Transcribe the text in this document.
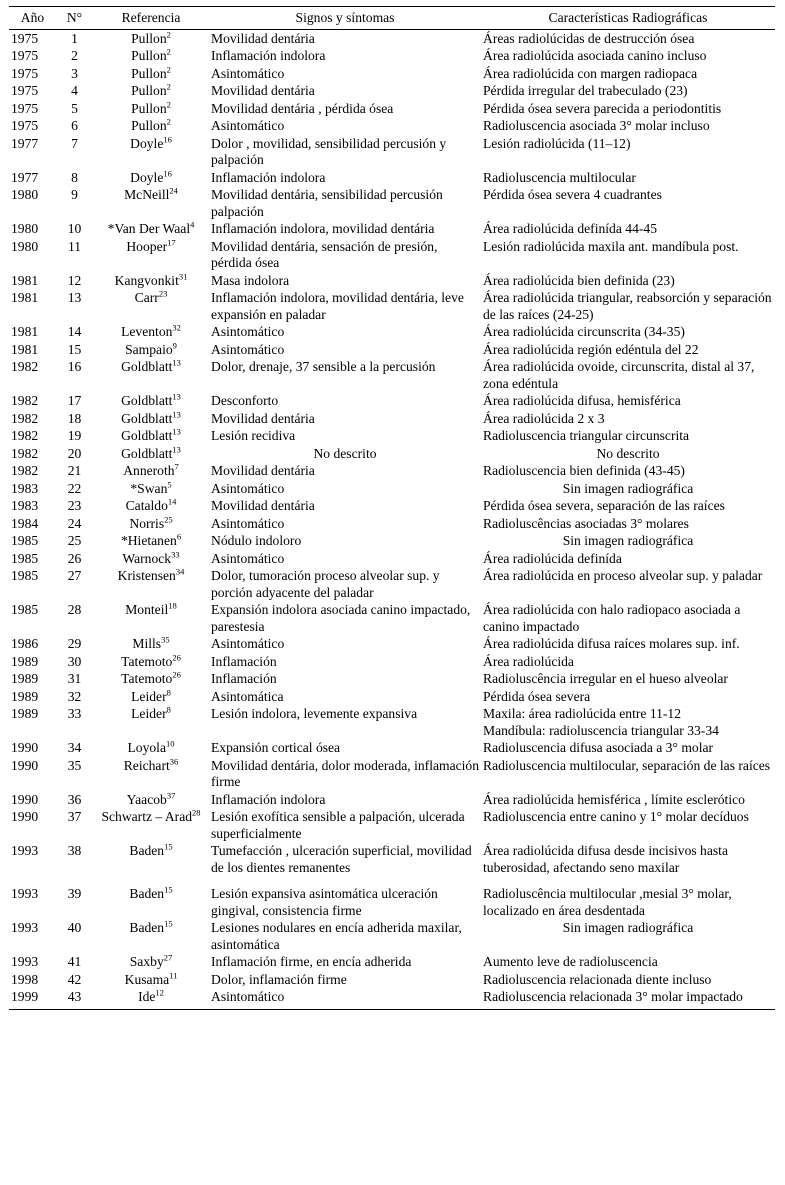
Año	N°	Referencia	Signos y síntomas	Características Radiográficas
1975	1	Pullon$^2$	Movilidad dentária	Áreas radiolúcidas de destrucción ósea
1975	2	Pullon$^2$	Inflamación indolora	Área radiolúcida asociada canino incluso
1975	3	Pullon$^2$	Asintomático	Área radiolúcida con margen radiopaca
1975	4	Pullon$^2$	Movilidad dentária	Pérdida irregular del trabeculado (23)
1975	5	Pullon$^2$	Movilidad dentária , pérdida ósea	Pérdida ósea severa parecida a periodontitis
1975	6	Pullon$^2$	Asintomático	Radioluscencia asociada 3° molar incluso
1977	7	Doyle$^{16}$	Dolor , movilidad, sensibilidad percusión y palpación	Lesión radiolúcida (11–12)
1977	8	Doyle$^{16}$	Inflamación indolora	Radioluscencia multilocular
1980	9	McNeill$^{24}$	Movilidad dentária, sensibilidad percusión palpación	Pérdida ósea severa 4 cuadrantes
1980	10	*Van Der Waal$^4$	Inflamación indolora, movilidad dentária	Área radiolúcida definída 44-45
1980	11	Hooper$^{17}$	Movilidad dentária, sensación de presión, pérdida ósea	Lesión radiolúcida maxila ant. mandíbula post.
1981	12	Kangvonkit$^{31}$	Masa indolora	Área radiolúcida bien definida (23)
1981	13	Carr$^{23}$	Inflamación indolora, movilidad dentária, leve expansión en paladar	Área radiolúcida triangular, reabsorción y separación de las raíces (24-25)
1981	14	Leventon$^{32}$	Asintomático	Área radiolúcida circunscrita (34-35)
1981	15	Sampaio$^9$	Asintomático	Área radiolúcida región edéntula del 22
1982	16	Goldblatt$^{13}$	Dolor, drenaje, 37 sensible a la percusión	Área radiolúcida ovoide, circunscrita, distal al 37, zona edéntula
1982	17	Goldblatt$^{13}$	Desconforto	Área radiolúcida difusa, hemisférica
1982	18	Goldblatt$^{13}$	Movilidad dentária	Área radiolúcida 2 x 3
1982	19	Goldblatt$^{13}$	Lesión recidiva	Radioluscencia triangular circunscrita
1982	20	Goldblatt$^{13}$	No descrito	No descrito
1982	21	Anneroth$^7$	Movilidad dentária	Radioluscencia bien definida (43-45)
1983	22	*Swan$^5$	Asintomático	Sin imagen radiográfica
1983	23	Cataldo$^{14}$	Movilidad dentária	Pérdida ósea severa, separación de las raíces
1984	24	Norris$^{25}$	Asintomático	Radioluscências asociadas 3° molares
1985	25	*Hietanen$^6$	Nódulo indoloro	Sin imagen radiográfica
1985	26	Warnock$^{33}$	Asintomático	Área radiolúcida definída
1985	27	Kristensen$^{34}$	Dolor, tumoración proceso alveolar sup. y porción adyacente del paladar	Área radiolúcida en proceso alveolar sup. y paladar
1985	28	Monteil$^{18}$	Expansión indolora asociada canino impactado, parestesia	Área radiolúcida con halo radiopaco asociada a canino impactado
1986	29	Mills$^{35}$	Asintomático	Área radiolúcida difusa raíces molares sup. inf.
1989	30	Tatemoto$^{26}$	Inflamación	Área radiolúcida
1989	31	Tatemoto$^{26}$	Inflamación	Radioluscência irregular en el hueso alveolar
1989	32	Leider$^8$	Asintomática	Pérdida ósea severa
1989	33	Leider$^8$	Lesión indolora, levemente expansiva	Maxila: área radiolúcida entre 11-12
Mandíbula: radioluscencia triangular 33-34

1990	34	Loyola$^{10}$	Expansión cortical ósea	Radioluscencia difusa asociada a 3° molar
1990	35	Reichart$^{36}$	Movilidad dentária, dolor moderada, inflamación firme	Radioluscencia multilocular, separación de las raíces
1990	36	Yaacob$^{37}$	Inflamación indolora	Área radiolúcida hemisférica , límite esclerótico
1990	37	Schwartz – Arad$^{28}$	Lesión exofítica sensible a palpación, ulcerada superficialmente	Radioluscencia entre canino y 1° molar decíduos
1993	38	Baden$^{15}$	Tumefacción , ulceración superficial, movilidad de los dientes remanentes	Área radiolúcida difusa desde incisivos hasta tuberosidad, afectando seno maxilar
1993	39	Baden$^{15}$	Lesión expansiva asintomática ulceración gingival, consistencia firme	Radioluscência multilocular ,mesial 3° molar, localizado en área desdentada
1993	40	Baden$^{15}$	Lesiones nodulares en encía adherida maxilar, asintomática	Sin imagen radiográfica
1993	41	Saxby$^{27}$	Inflamación firme, en encía adherida	Aumento leve de radioluscencia
1998	42	Kusama$^{11}$	Dolor, inflamación firme	Radioluscencia relacionada diente incluso
1999	43	Ide$^{12}$	Asintomático	Radioluscencia relacionada 3° molar impactado
